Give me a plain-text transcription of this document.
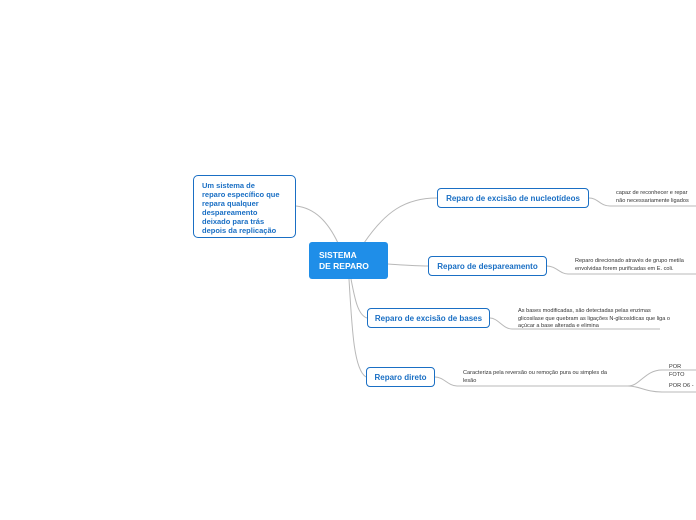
SISTEMA
DE REPARO
Um sistema de
reparo específico que
repara qualquer
despareamento
deixado para trás
depois da replicação
Reparo de excisão de nucleotídeos
Reparo de despareamento
Reparo de excisão de bases
Reparo direto
capaz de reconhecer e repar
não necessariamente ligados
Reparo direcionado através de grupo metila
envolvidas forem purificadas em E. coli.
As bases modificadas, são detectadas pelas enzimas
glicosilase que quebram as ligações N-glicosídicas que liga o
açúcar a base alterada e elimina
Caracteriza pela reversão ou remoção pura ou simples da
lesão
POR FOTO
POR O6 -
